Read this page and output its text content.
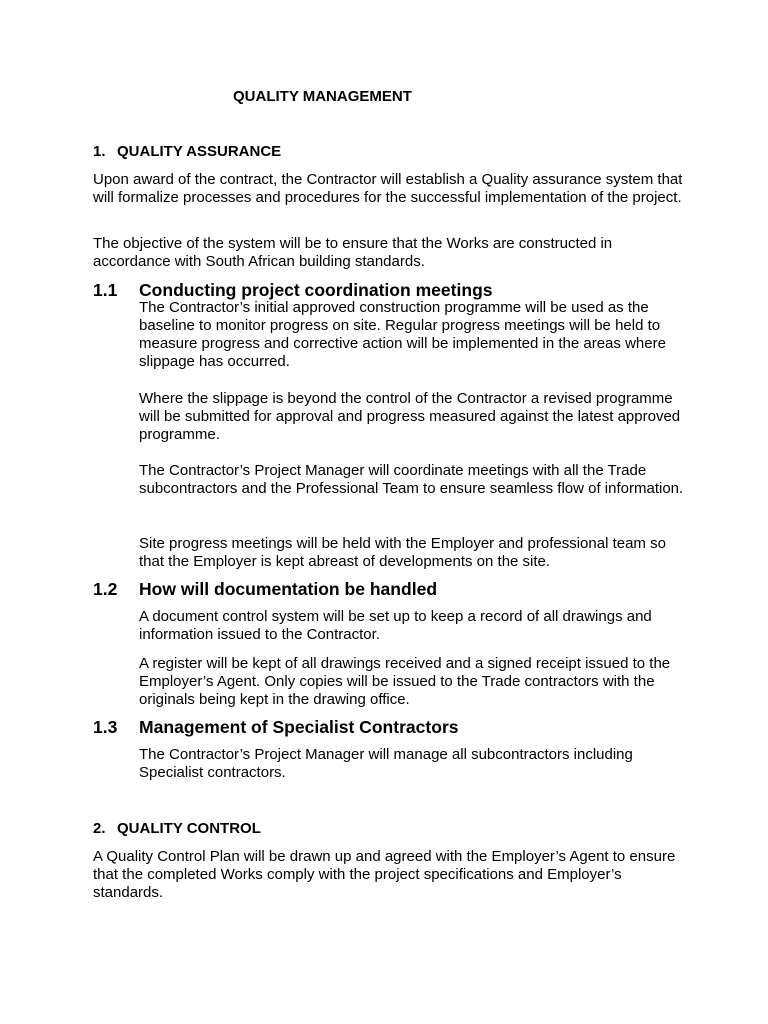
QUALITY MANAGEMENT
1. QUALITY ASSURANCE

Upon award of the contract, the Contractor will establish a Quality assurance system that will formalize processes and procedures for the successful implementation of the project.

The objective of the system will be to ensure that the Works are constructed in accordance with South African building standards.

1.1 Conducting project coordination meetings

The Contractor’s initial approved construction programme will be used as the baseline to monitor progress on site. Regular progress meetings will be held to measure progress and corrective action will be implemented in the areas where slippage has occurred.

Where the slippage is beyond the control of the Contractor a revised programme will be submitted for approval and progress measured against the latest approved programme.

The Contractor’s Project Manager will coordinate meetings with all the Trade subcontractors and the Professional Team to ensure seamless flow of information.

Site progress meetings will be held with the Employer and professional team so that the Employer is kept abreast of developments on the site.

1.2 How will documentation be handled

A document control system will be set up to keep a record of all drawings and information issued to the Contractor.

A register will be kept of all drawings received and a signed receipt issued to the Employer’s Agent. Only copies will be issued to the Trade contractors with the originals being kept in the drawing office.

1.3 Management of Specialist Contractors

The Contractor’s Project Manager will manage all subcontractors including Specialist contractors.

2. QUALITY CONTROL

A Quality Control Plan will be drawn up and agreed with the Employer’s Agent to ensure that the completed Works comply with the project specifications and Employer’s standards.
